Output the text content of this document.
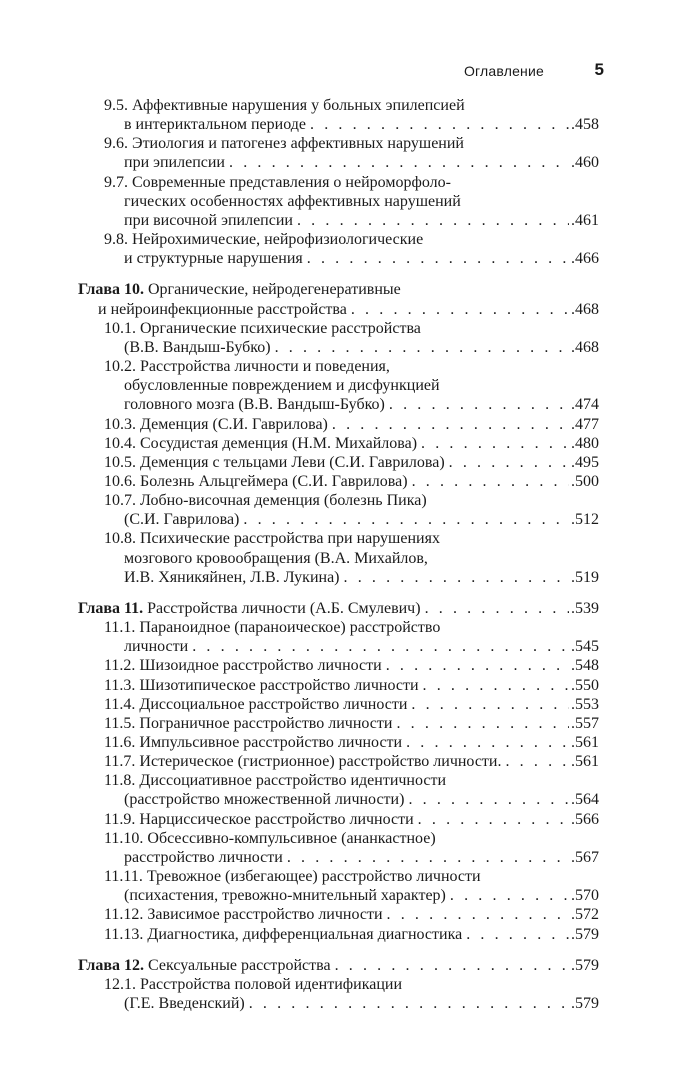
Оглавление	5
9.5. Аффективные нарушения у больных эпилепсией
в интериктальном периоде . . .	.458
9.6. Этиология и патогенез аффективных нарушений
при эпилепсии . . .	.460
9.7. Современные представления о нейроморфоло-
гических особенностях аффективных нарушений
при височной эпилепсии . . .	.461
9.8. Нейрохимические, нейрофизиологические
и структурные нарушения . . .	.466
Глава 10. Органические, нейродегенеративные
и нейроинфекционные расстройства . . .	.468
10.1. Органические психические расстройства
(В.В. Вандыш-Бубко) . . .	.468
10.2. Расстройства личности и поведения,
обусловленные повреждением и дисфункцией
головного мозга (В.В. Вандыш-Бубко) . . .	.474
10.3. Деменция (С.И. Гаврилова) . . .	.477
10.4. Сосудистая деменция (Н.М. Михайлова) . . .	.480
10.5. Деменция с тельцами Леви (С.И. Гаврилова) . . .	.495
10.6. Болезнь Альцгеймера (С.И. Гаврилова) . . .	.500
10.7. Лобно-височная деменция (болезнь Пика)
(С.И. Гаврилова) . . .	.512
10.8. Психические расстройства при нарушениях
мозгового кровообращения (В.А. Михайлов,
И.В. Хяникяйнен, Л.В. Лукина) . . .	.519
Глава 11. Расстройства личности (А.Б. Смулевич) . . .	.539
11.1. Параноидное (параноическое) расстройство
личности . . .	.545
11.2. Шизоидное расстройство личности . . .	.548
11.3. Шизотипическое расстройство личности . . .	.550
11.4. Диссоциальное расстройство личности . . .	.553
11.5. Пограничное расстройство личности . . .	.557
11.6. Импульсивное расстройство личности . . .	.561
11.7. Истерическое (гистрионное) расстройство личности. . . .	.561
11.8. Диссоциативное расстройство идентичности
(расстройство множественной личности) . . .	.564
11.9. Нарциссическое расстройство личности . . .	.566
11.10. Обсессивно-компульсивное (ананкастное)
расстройство личности . . .	.567
11.11. Тревожное (избегающее) расстройство личности
(психастения, тревожно-мнительный характер) . . .	.570
11.12. Зависимое расстройство личности . . .	.572
11.13. Диагностика, дифференциальная диагностика . . .	.579
Глава 12. Сексуальные расстройства . . .	.579
12.1. Расстройства половой идентификации
(Г.Е. Введенский) . . .	.579
